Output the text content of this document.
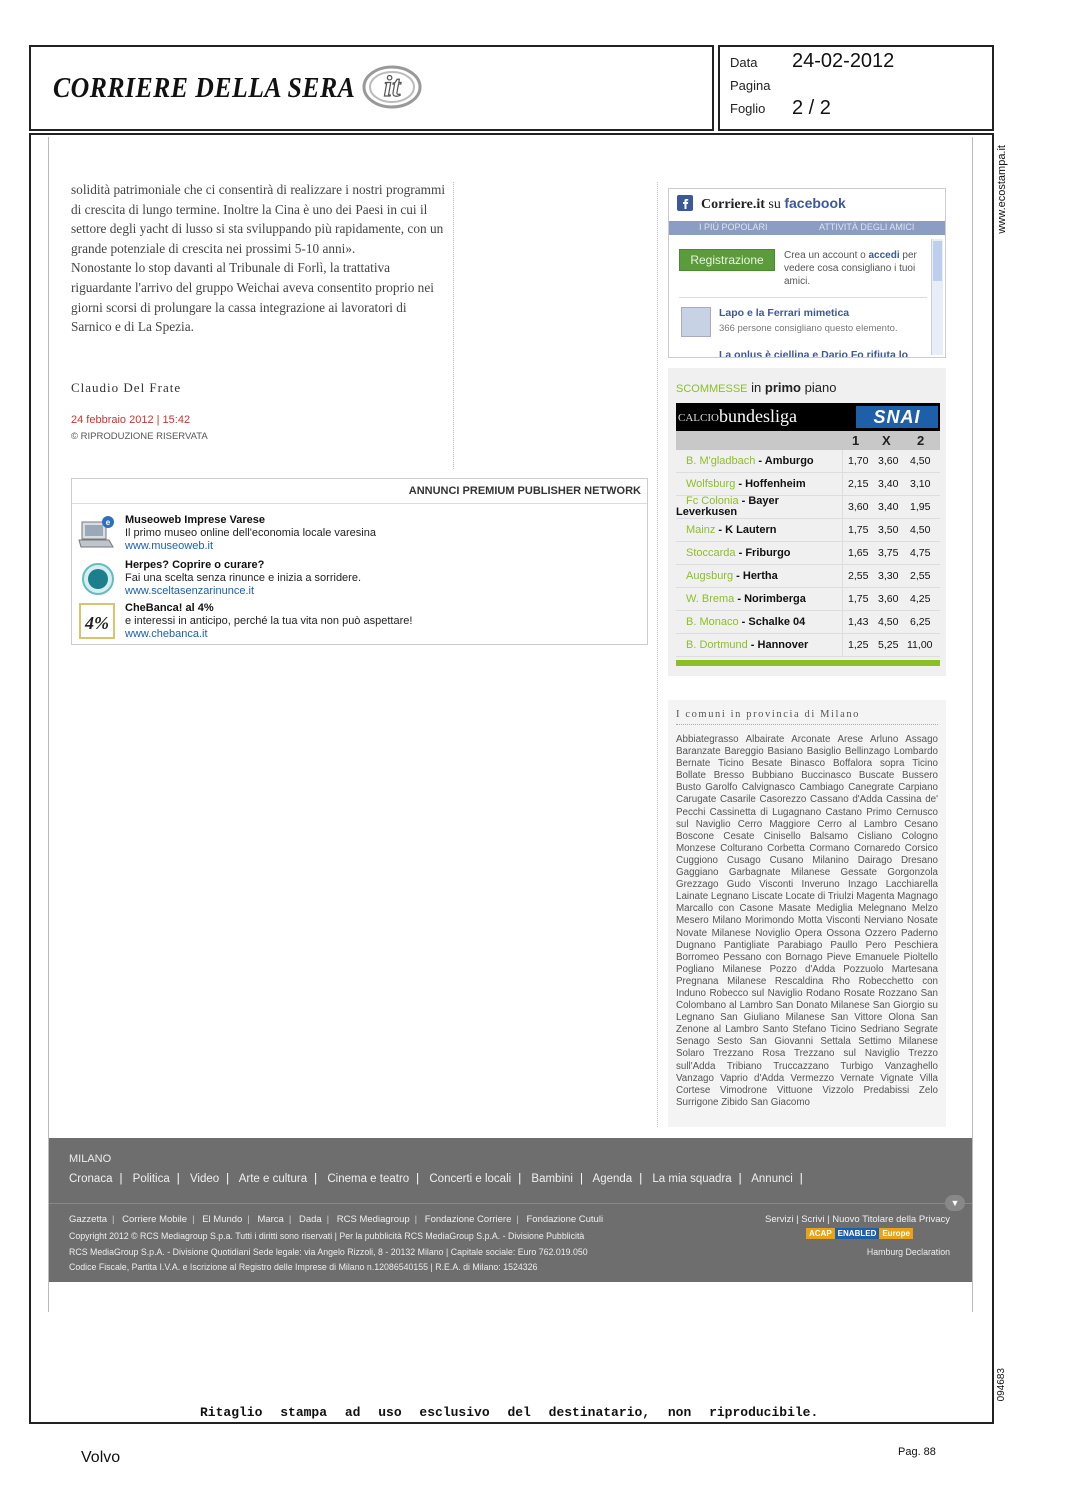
CORRIERE DELLA SERA it
Data 24-02-2012
Pagina
Foglio 2 / 2
www.ecostampa.it

solidità patrimoniale che ci consentirà di realizzare i nostri programmi di crescita di lungo termine. Inoltre la Cina è uno dei Paesi in cui il settore degli yacht di lusso si sta sviluppando più rapidamente, con un grande potenziale di crescita nei prossimi 5-10 anni».

Nonostante lo stop davanti al Tribunale di Forlì, la trattativa riguardante l'arrivo del gruppo Weichai aveva consentito proprio nei giorni scorsi di prolungare la cassa integrazione ai lavoratori di Sarnico e di La Spezia.

Claudio Del Frate
24 febbraio 2012 | 15:42
© RIPRODUZIONE RISERVATA
ANNUNCI PREMIUM PUBLISHER NETWORK
e Museoweb Imprese Varese
Il primo museo online dell'economia locale varesina
www.museoweb.it
Herpes? Coprire o curare?
Fai una scelta senza rinunce e inizia a sorridere.
www.sceltasenzarinunce.it
4%
CheBanca! al 4%
e interessi in anticipo, perché la tua vita non può aspettare!
www.chebanca.it
Corriere.it su facebook
I PIÙ POPOLARI	ATTIVITÀ DEGLI AMICI
Registrazione	Crea un account o accedi per vedere cosa consigliano i tuoi amici.
Lapo e la Ferrari mimetica
366 persone consigliano questo elemento.
La onlus è ciellina e Dario Fo rifiuta lo
SCOMMESSE in primo piano
CALCIO bundesliga	SNAI
1 X 2
B. M'gladbach - Amburgo	1,70 3,60 4,50
Wolfsburg - Hoffenheim	2,15 3,40 3,10
Fc Colonia - Bayer
Leverkusen	3,60 3,40 1,95
Mainz - K Lautern	1,75 3,50 4,50
Stoccarda - Friburgo	1,65 3,75 4,75
Augsburg - Hertha	2,55 3,30 2,55
W. Brema - Norimberga	1,75 3,60 4,25
B. Monaco - Schalke 04	1,43 4,50 6,25
B. Dortmund - Hannover	1,25 5,25 11,00
I comuni in provincia di Milano
Abbiategrasso Albairate Arconate Arese Arluno Assago Baranzate Bareggio Basiano Basiglio Bellinzago Lombardo Bernate Ticino Besate Binasco Boffalora sopra Ticino Bollate Bresso Bubbiano Buccinasco Buscate Bussero Busto Garolfo Calvignasco Cambiago Canegrate Carpiano Carugate Casarile Casorezzo Cassano d'Adda Cassina de' Pecchi Cassinetta di Lugagnano Castano Primo Cernusco sul Naviglio Cerro Maggiore Cerro al Lambro Cesano Boscone Cesate Cinisello Balsamo Cisliano Cologno Monzese Colturano Corbetta Cormano Cornaredo Corsico Cuggiono Cusago Cusano Milanino Dairago Dresano Gaggiano Garbagnate Milanese Gessate Gorgonzola Grezzago Gudo Visconti Inveruno Inzago Lacchiarella Lainate Legnano Liscate Locate di Triulzi Magenta Magnago Marcallo con Casone Masate Mediglia Melegnano Melzo Mesero Milano Morimondo Motta Visconti Nerviano Nosate Novate Milanese Noviglio Opera Ossona Ozzero Paderno Dugnano Pantigliate Parabiago Paullo Pero Peschiera Borromeo Pessano con Bornago Pieve Emanuele Pioltello Pogliano Milanese Pozzo d'Adda Pozzuolo Martesana Pregnana Milanese Rescaldina Rho Robecchetto con Induno Robecco sul Naviglio Rodano Rosate Rozzano San Colombano al Lambro San Donato Milanese San Giorgio su Legnano San Giuliano Milanese San Vittore Olona San Zenone al Lambro Santo Stefano Ticino Sedriano Segrate Senago Sesto San Giovanni Settala Settimo Milanese Solaro Trezzano Rosa Trezzano sul Naviglio Trezzo sull'Adda Tribiano Truccazzano Turbigo Vanzaghello Vanzago Vaprio d'Adda Vermezzo Vernate Vignate Villa Cortese Vimodrone Vittuone Vizzolo Predabissi Zelo Surrigone Zibido San Giacomo
MILANO
Cronaca | Politica | Video | Arte e cultura | Cinema e teatro | Concerti e locali | Bambini | Agenda | La mia squadra | Annunci |
▼
Gazzetta | Corriere Mobile | El Mundo | Marca | Dada | RCS Mediagroup | Fondazione Corriere | Fondazione Cutuli
Copyright 2012 © RCS Mediagroup S.p.a. Tutti i diritti sono riservati | Per la pubblicità RCS MediaGroup S.p.A. - Divisione Pubblicità
RCS MediaGroup S.p.A. - Divisione Quotidiani Sede legale: via Angelo Rizzoli, 8 - 20132 Milano | Capitale sociale: Euro 762.019.050
Codice Fiscale, Partita I.V.A. e Iscrizione al Registro delle Imprese di Milano n.12086540155 | R.E.A. di Milano: 1524326
Servizi | Scrivi | Nuovo Titolare della Privacy
ACAP ENABLED Europe
Hamburg Declaration
094683
Ritaglio stampa ad uso esclusivo del destinatario, non riproducibile.
Volvo	Pag. 88
